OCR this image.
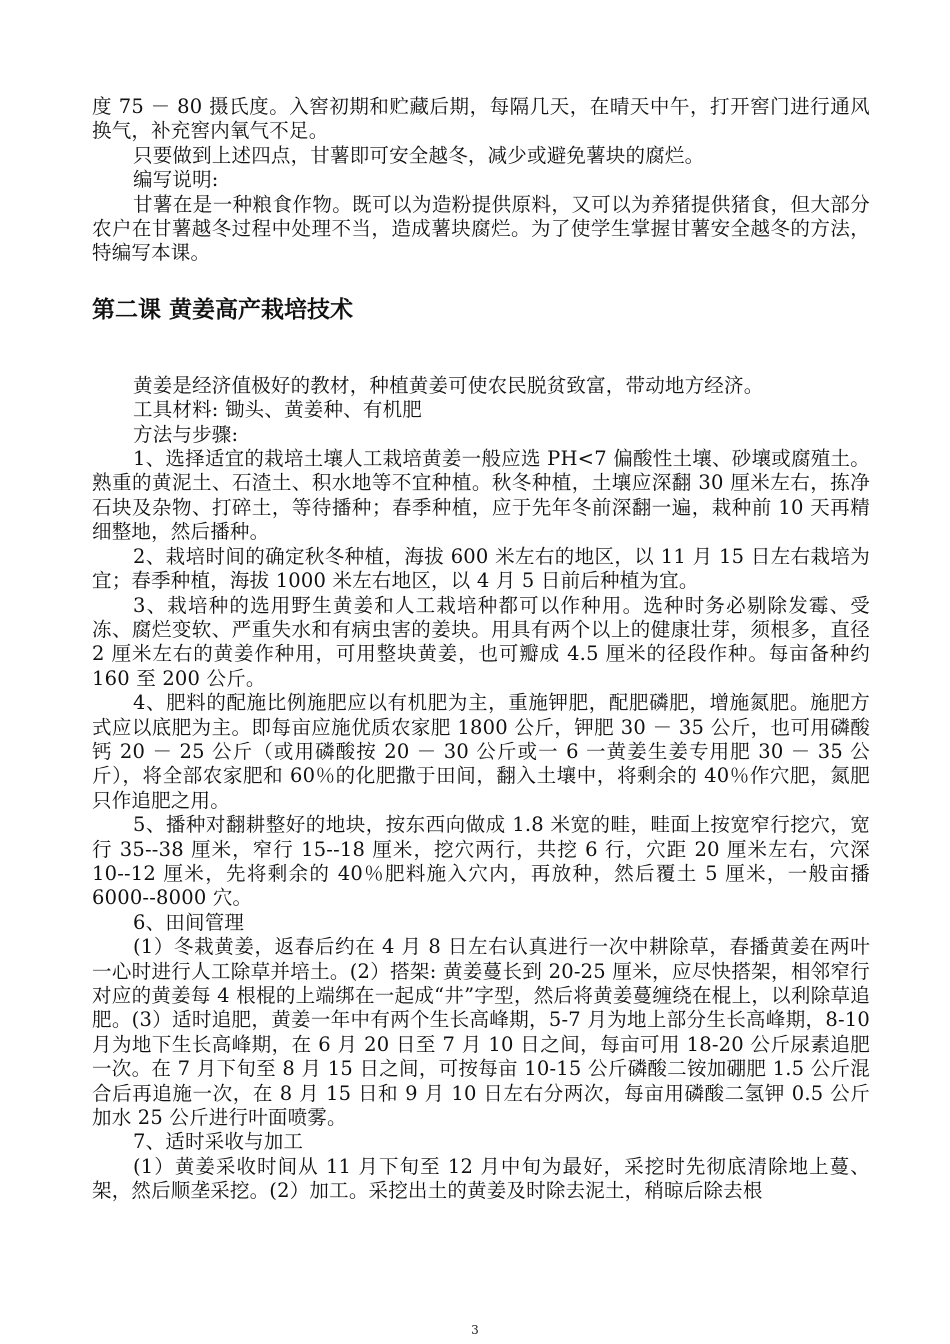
度 75 － 80 摄氏度。入窖初期和贮藏后期，每隔几天，在晴天中午，打开窖门进行通风换气，补充窖内氧气不足。

只要做到上述四点，甘薯即可安全越冬，减少或避免薯块的腐烂。

编写说明:

甘薯在是一种粮食作物。既可以为造粉提供原料，又可以为养猪提供猪食，但大部分农户在甘薯越冬过程中处理不当，造成薯块腐烂。为了使学生掌握甘薯安全越冬的方法，特编写本课。

第二课 黄姜高产栽培技术

黄姜是经济值极好的教材，种植黄姜可使农民脱贫致富，带动地方经济。

工具材料: 锄头、黄姜种、有机肥

方法与步骤:

1、选择适宜的栽培土壤人工栽培黄姜一般应选 PH<7 偏酸性土壤、砂壤或腐殖土。熟重的黄泥土、石渣土、积水地等不宜种植。秋冬种植，土壤应深翻 30 厘米左右，拣净石块及杂物、打碎土，等待播种；春季种植，应于先年冬前深翻一遍，栽种前 10 天再精细整地，然后播种。

2、栽培时间的确定秋冬种植，海拔 600 米左右的地区，以 11 月 15 日左右栽培为宜；春季种植，海拔 1000 米左右地区，以 4 月 5 日前后种植为宜。

3、栽培种的选用野生黄姜和人工栽培种都可以作种用。选种时务必剔除发霉、受冻、腐烂变软、严重失水和有病虫害的姜块。用具有两个以上的健康壮芽，须根多，直径 2 厘米左右的黄姜作种用，可用整块黄姜，也可瓣成 4.5 厘米的径段作种。每亩备种约 160 至 200 公斤。

4、肥料的配施比例施肥应以有机肥为主，重施钾肥，配肥磷肥，增施氮肥。施肥方式应以底肥为主。即每亩应施优质农家肥 1800 公斤，钾肥 30 － 35 公斤，也可用磷酸钙 20 － 25 公斤（或用磷酸按 20 － 30 公斤或一 6 一黄姜生姜专用肥 30 － 35 公斤），将全部农家肥和 60％的化肥撒于田间，翻入土壤中，将剩余的 40％作穴肥，氮肥只作追肥之用。

5、播种对翻耕整好的地块，按东西向做成 1.8 米宽的畦，畦面上按宽窄行挖穴，宽行 35--38 厘米，窄行 15--18 厘米，挖穴两行，共挖 6 行，穴距 20 厘米左右，穴深 10--12 厘米，先将剩余的 40％肥料施入穴内，再放种，然后覆土 5 厘米，一般亩播 6000--8000 穴。

6、田间管理

(1）冬栽黄姜，返春后约在 4 月 8 日左右认真进行一次中耕除草，春播黄姜在两叶一心时进行人工除草并培土。(2）搭架: 黄姜蔓长到 20-25 厘米，应尽快搭架，相邻窄行对应的黄姜每 4 根棍的上端绑在一起成“井”字型，然后将黄姜蔓缠绕在棍上，以利除草追肥。(3）适时追肥，黄姜一年中有两个生长高峰期，5-7 月为地上部分生长高峰期，8-10 月为地下生长高峰期，在 6 月 20 日至 7 月 10 日之间，每亩可用 18-20 公斤尿素追肥一次。在 7 月下旬至 8 月 15 日之间，可按每亩 10-15 公斤磷酸二铵加硼肥 1.5 公斤混合后再追施一次，在 8 月 15 日和 9 月 10 日左右分两次，每亩用磷酸二氢钾 0.5 公斤加水 25 公斤进行叶面喷雾。

7、适时采收与加工

(1）黄姜采收时间从 11 月下旬至 12 月中旬为最好，采挖时先彻底清除地上蔓、架，然后顺垄采挖。(2）加工。采挖出土的黄姜及时除去泥土，稍晾后除去根

3
